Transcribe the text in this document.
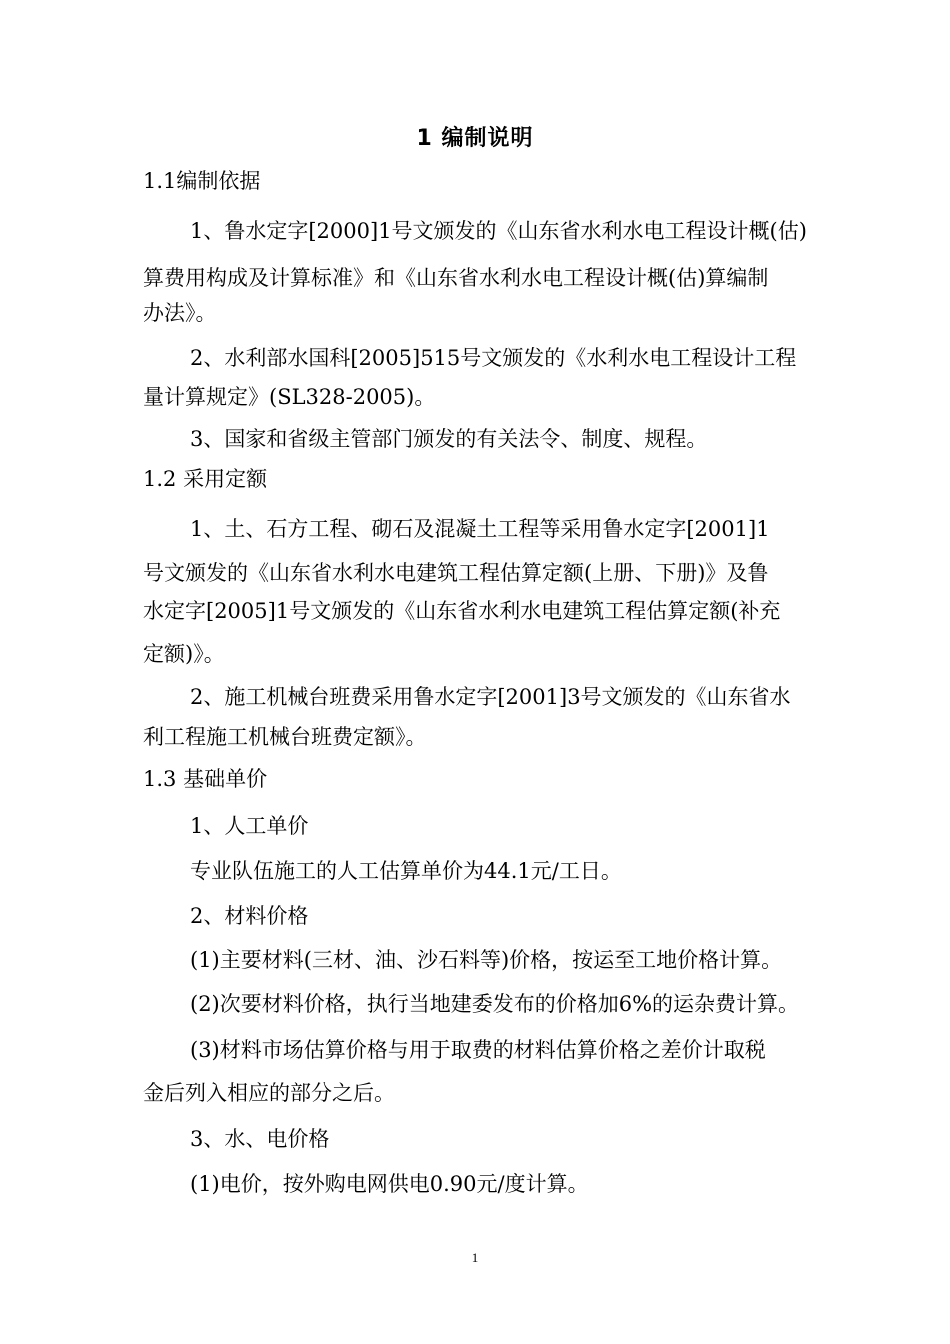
1 编制说明
1.1编制依据
1、鲁水定字[2000]1号文颁发的《山东省水利水电工程设计概(估)
算费用构成及计算标准》和《山东省水利水电工程设计概(估)算编制
办法》。
2、水利部水国科[2005]515号文颁发的《水利水电工程设计工程
量计算规定》(SL328-2005)。
3、国家和省级主管部门颁发的有关法令、制度、规程。
1.2 采用定额
1、土、石方工程、砌石及混凝土工程等采用鲁水定字[2001]1
号文颁发的《山东省水利水电建筑工程估算定额(上册、下册)》及鲁
水定字[2005]1号文颁发的《山东省水利水电建筑工程估算定额(补充
定额)》。
2、施工机械台班费采用鲁水定字[2001]3号文颁发的《山东省水
利工程施工机械台班费定额》。
1.3 基础单价
1、人工单价
专业队伍施工的人工估算单价为44.1元/工日。
2、材料价格
(1)主要材料(三材、油、沙石料等)价格，按运至工地价格计算。
(2)次要材料价格，执行当地建委发布的价格加6%的运杂费计算。
(3)材料市场估算价格与用于取费的材料估算价格之差价计取税
金后列入相应的部分之后。
3、水、电价格
(1)电价，按外购电网供电0.90元/度计算。
1
